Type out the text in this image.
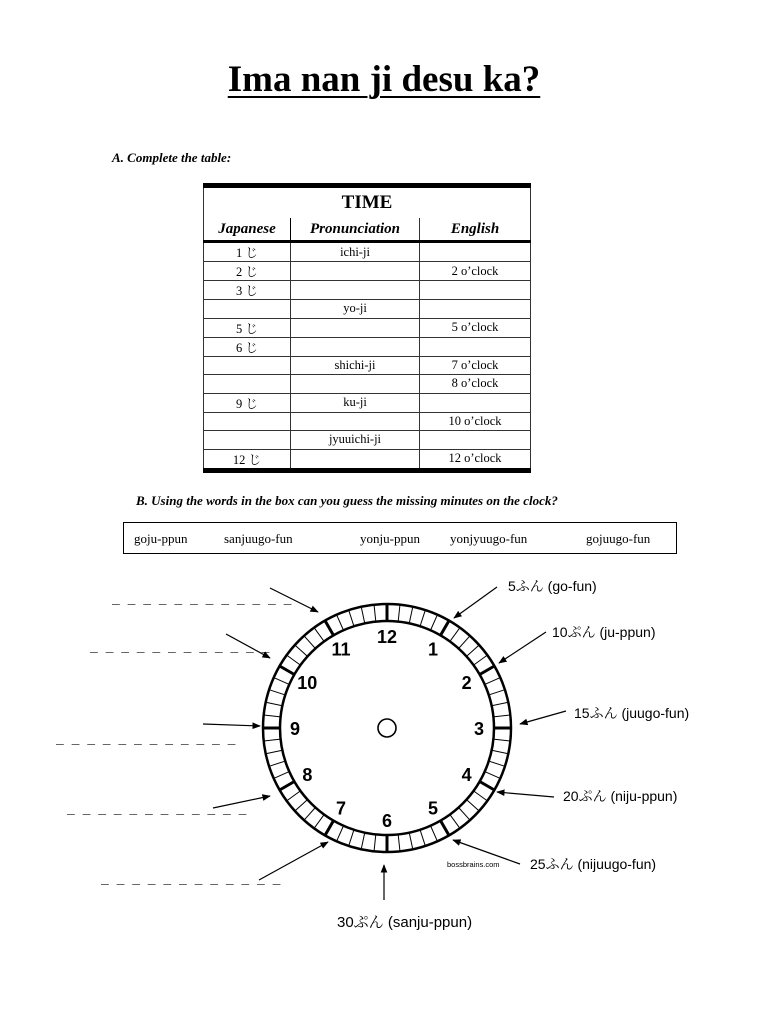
Ima nan ji desu ka?
A. Complete the table:
TIME		
Japanese	Pronunciation	English
1 じ	ichi-ji	
2 じ		2 o’clock
3 じ		
	yo-ji	
5 じ		5 o’clock
6 じ		
	shichi-ji	7 o’clock
		8 o’clock
9 じ	ku-ji	
		10 o’clock
	jyuuichi-ji	
12 じ		12 o’clock
B. Using the words in the box can you guess the missing minutes on the clock?
goju-ppun	sanjuugo-fun	yonju-ppun yonjyuugo-fun	gojuugo-fun
12
1
2
3
4
5
6
7
8
9
10
11
bossbrains.com
5ふん (go-fun)
10ぷん (ju-ppun)
15ふん (juugo-fun)
20ぷん (niju-ppun)
25ふん (nijuugo-fun)
30ぷん (sanju-ppun)
_ _ _ _ _ _ _ _ _ _ _ _
_ _ _ _ _ _ _ _ _ _ _ _
_ _ _ _ _ _ _ _ _ _ _ _
_ _ _ _ _ _ _ _ _ _ _ _
_ _ _ _ _ _ _ _ _ _ _ _
